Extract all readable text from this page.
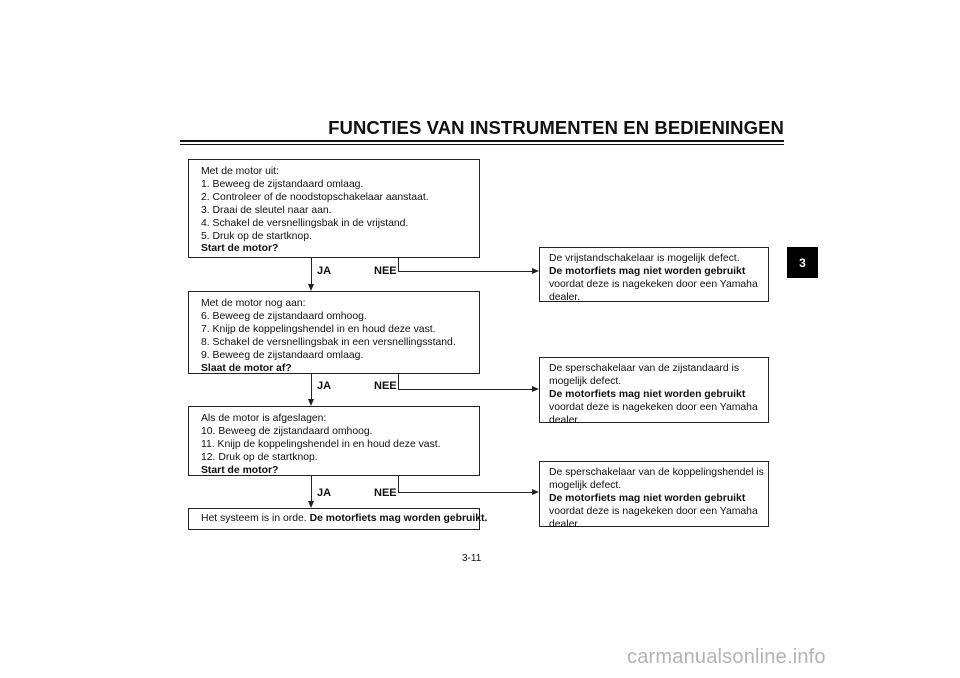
FUNCTIES VAN INSTRUMENTEN EN BEDIENINGEN
3
Met de motor uit:
1. Beweeg de zijstandaard omlaag.
2. Controleer of de noodstopschakelaar aanstaat.
3. Draai de sleutel naar aan.
4. Schakel de versnellingsbak in de vrijstand.
5. Druk op de startknop.
Start de motor?
JA	NEE
De vrijstandschakelaar is mogelijk defect.
De motorfiets mag niet worden gebruikt
voordat deze is nagekeken door een Yamaha
dealer.
Met de motor nog aan:
6. Beweeg de zijstandaard omhoog.
7. Knijp de koppelingshendel in en houd deze vast.
8. Schakel de versnellingsbak in een versnellingsstand.
9. Beweeg de zijstandaard omlaag.
Slaat de motor af?
JA	NEE
De sperschakelaar van de zijstandaard is
mogelijk defect.
De motorfiets mag niet worden gebruikt
voordat deze is nagekeken door een Yamaha
dealer.
Als de motor is afgeslagen:
10. Beweeg de zijstandaard omhoog.
11. Knijp de koppelingshendel in en houd deze vast.
12. Druk op de startknop.
Start de motor?
JA	NEE
De sperschakelaar van de koppelingshendel is
mogelijk defect.
De motorfiets mag niet worden gebruikt
voordat deze is nagekeken door een Yamaha
dealer.
Het systeem is in orde. De motorfiets mag worden gebruikt.
3-11
carmanualsonline.info
